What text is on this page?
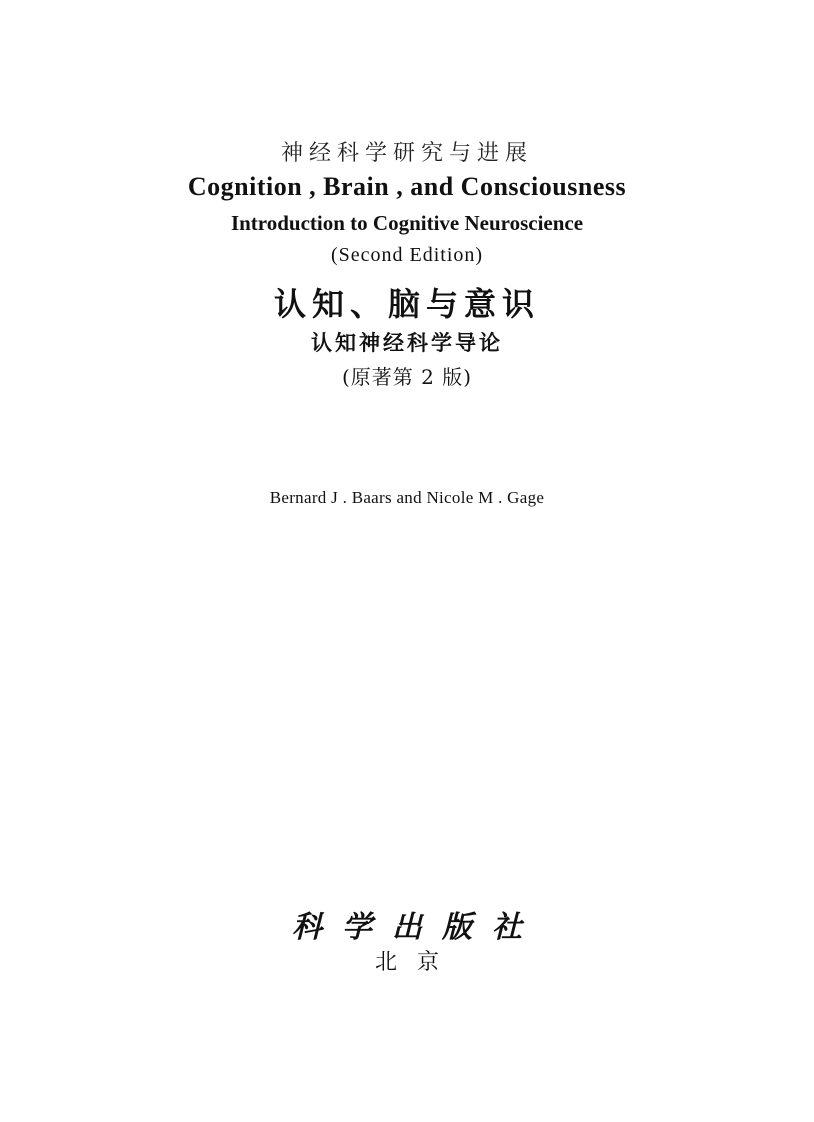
神经科学研究与进展
Cognition , Brain , and Consciousness
Introduction to Cognitive Neuroscience
(Second Edition)
认知、脑与意识
认知神经科学导论
(原著第 2 版)
Bernard J . Baars and Nicole M . Gage
科学出版社
北京
